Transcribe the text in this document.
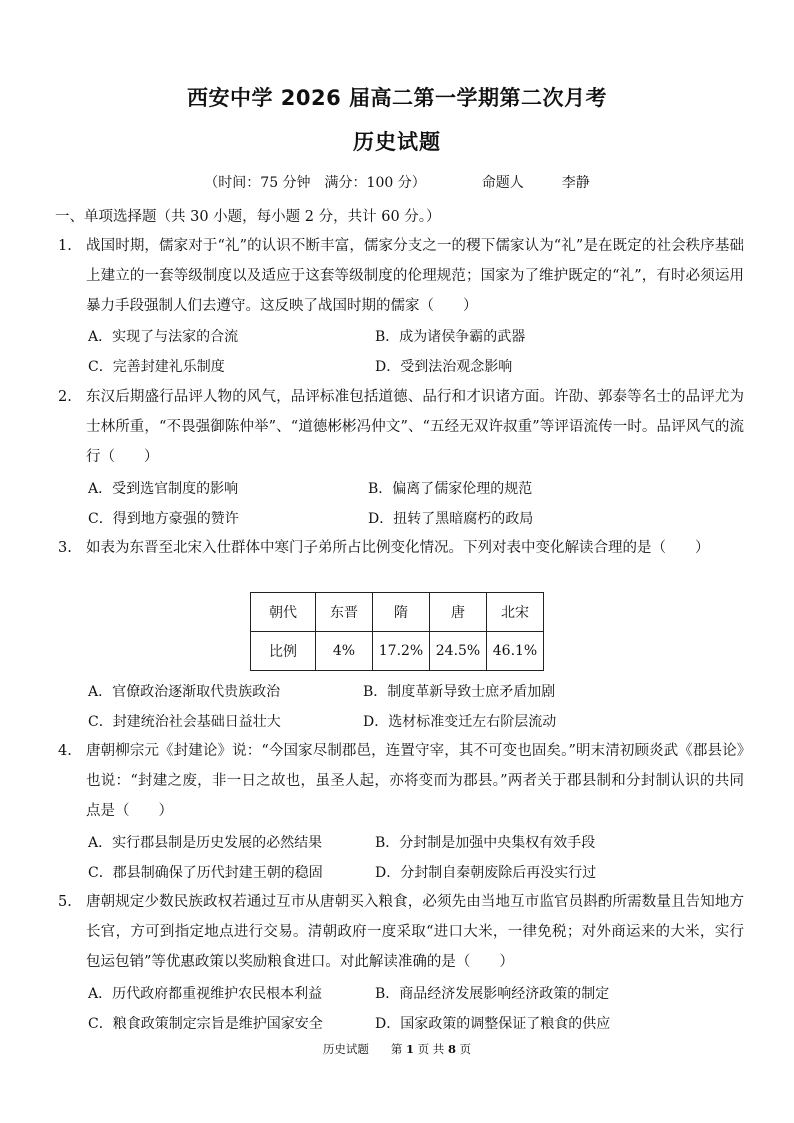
西安中学 2026 届高二第一学期第二次月考
历史试题
（时间：75 分钟　满分：100 分）	命题人	李静
一、单项选择题（共 30 小题，每小题 2 分，共计 60 分。）
1. 战国时期，儒家对于“礼”的认识不断丰富，儒家分支之一的稷下儒家认为“礼”是在既定的社会秩序基础上建立的一套等级制度以及适应于这套等级制度的伦理规范；国家为了维护既定的“礼”，有时必须运用暴力手段强制人们去遵守。这反映了战国时期的儒家（　　）
A．实现了与法家的合流	B．成为诸侯争霸的武器
C．完善封建礼乐制度	D．受到法治观念影响
2. 东汉后期盛行品评人物的风气，品评标准包括道德、品行和才识诸方面。许劭、郭泰等名士的品评尤为士林所重，“不畏强御陈仲举”、“道德彬彬冯仲文”、“五经无双许叔重”等评语流传一时。品评风气的流行（　　）
A．受到选官制度的影响	B．偏离了儒家伦理的规范
C．得到地方豪强的赞许	D．扭转了黑暗腐朽的政局
3. 如表为东晋至北宋入仕群体中寒门子弟所占比例变化情况。下列对表中变化解读合理的是（　　）
朝代	东晋	隋	唐	北宋
比例	4%	17.2%	24.5%	46.1%
A．官僚政治逐渐取代贵族政治	B．制度革新导致士庶矛盾加剧
C．封建统治社会基础日益壮大	D．选材标准变迁左右阶层流动
4. 唐朝柳宗元《封建论》说：“今国家尽制郡邑，连置守宰，其不可变也固矣。”明末清初顾炎武《郡县论》也说：“封建之废，非一日之故也，虽圣人起，亦将变而为郡县。”两者关于郡县制和分封制认识的共同点是（　　）
A．实行郡县制是历史发展的必然结果	B．分封制是加强中央集权有效手段
C．郡县制确保了历代封建王朝的稳固	D．分封制自秦朝废除后再没实行过
5. 唐朝规定少数民族政权若通过互市从唐朝买入粮食，必须先由当地互市监官员斟酌所需数量且告知地方长官，方可到指定地点进行交易。清朝政府一度采取“进口大米，一律免税；对外商运来的大米，实行包运包销”等优惠政策以奖励粮食进口。对此解读准确的是（　　）
A．历代政府都重视维护农民根本利益	B．商品经济发展影响经济政策的制定
C．粮食政策制定宗旨是维护国家安全	D．国家政策的调整保证了粮食的供应
历史试题 第 1 页 共 8 页
